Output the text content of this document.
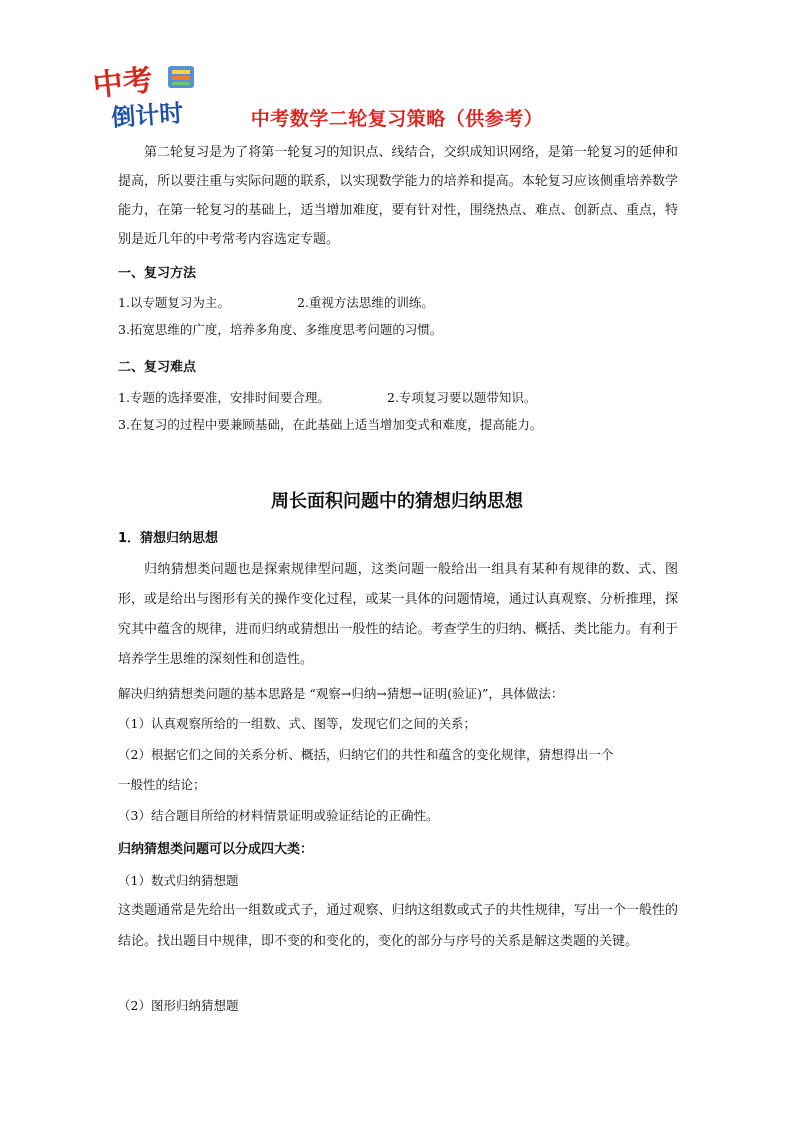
中考
倒计时	中考数学二轮复习策略（供参考）

第二轮复习是为了将第一轮复习的知识点、线结合，交织成知识网络，是第一轮复习的延伸和提高，所以要注重与实际问题的联系，以实现数学能力的培养和提高。本轮复习应该侧重培养数学能力，在第一轮复习的基础上，适当增加难度，要有针对性，围绕热点、难点、创新点、重点，特别是近几年的中考常考内容选定专题。

一、复习方法
1.以专题复习为主。	2.重视方法思维的训练。
3.拓宽思维的广度，培养多角度、多维度思考问题的习惯。
二、复习难点
1.专题的选择要准，安排时间要合理。	2.专项复习要以题带知识。
3.在复习的过程中要兼顾基础，在此基础上适当增加变式和难度，提高能力。
周长面积问题中的猜想归纳思想
1．猜想归纳思想

归纳猜想类问题也是探索规律型问题，这类问题一般给出一组具有某种有规律的数、式、图形，或是给出与图形有关的操作变化过程，或某一具体的问题情境，通过认真观察、分析推理，探究其中蕴含的规律，进而归纳或猜想出一般性的结论。考查学生的归纳、概括、类比能力。有利于培养学生思维的深刻性和创造性。

解决归纳猜想类问题的基本思路是 “观察→归纳→猜想→证明(验证)”，具体做法：
（1）认真观察所给的一组数、式、图等，发现它们之间的关系；
（2）根据它们之间的关系分析、概括，归纳它们的共性和蕴含的变化规律，猜想得出一个
一般性的结论；
（3）结合题目所给的材料情景证明或验证结论的正确性。
归纳猜想类问题可以分成四大类：
（1）数式归纳猜想题

这类题通常是先给出一组数或式子，通过观察、归纳这组数或式子的共性规律，写出一个一般性的结论。找出题目中规律，即不变的和变化的，变化的部分与序号的关系是解这类题的关键。

（2）图形归纳猜想题
